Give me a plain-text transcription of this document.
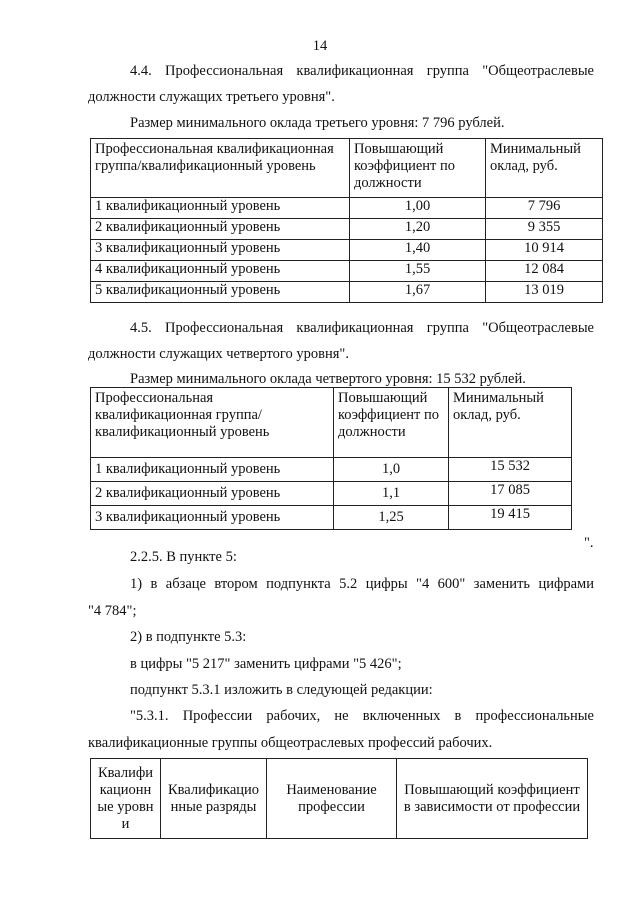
14
4.4. Профессиональная квалификационная группа "Общеотраслевые
должности служащих третьего уровня".
Размер минимального оклада третьего уровня: 7 796 рублей.
Профессиональная квалификационная группа/квалификационный уровень	Повышающий коэффициент по должности	Минимальный оклад, руб.
1 квалификационный уровень	1,00	7 796
2 квалификационный уровень	1,20	9 355
3 квалификационный уровень	1,40	10 914
4 квалификационный уровень	1,55	12 084
5 квалификационный уровень	1,67	13 019
4.5. Профессиональная квалификационная группа "Общеотраслевые
должности служащих четвертого уровня".
Размер минимального оклада четвертого уровня: 15 532 рублей.
Профессиональная квалификационная группа/квалификационный уровень	Повышающий коэффициент по должности	Минимальный оклад, руб.
1 квалификационный уровень	1,0	15 532
2 квалификационный уровень	1,1	17 085
3 квалификационный уровень	1,25	19 415
".
2.2.5. В пункте 5:
1) в абзаце втором подпункта 5.2 цифры "4 600" заменить цифрами
"4 784";
2) в подпункте 5.3:
в цифры "5 217" заменить цифрами "5 426";
подпункт 5.3.1 изложить в следующей редакции:
"5.3.1. Профессии рабочих, не включенных в профессиональные
квалификационные группы общеотраслевых профессий рабочих.
Квалификационные уровни	Квалификационные разряды	Наименование профессии	Повышающий коэффициент в зависимости от профессии
